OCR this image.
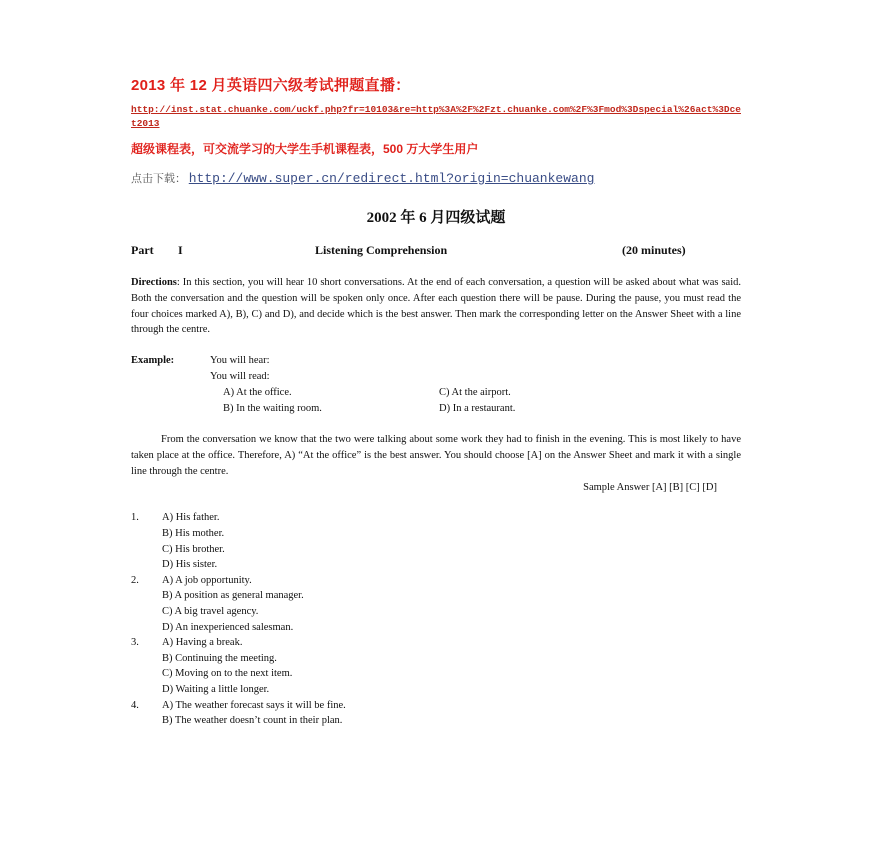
2013 年 12 月英语四六级考试押题直播：
http://inst.stat.chuanke.com/uckf.php?fr=10103&re=http%3A%2F%2Fzt.chuanke.com%2F%3Fmod%3Dspecial%26act%3Dcet2013
超级课程表，可交流学习的大学生手机课程表，500 万大学生用户
点击下载： http://www.super.cn/redirect.html?origin=chuankewang
2002 年 6 月四级试题
Part I	Listening Comprehension	(20 minutes)
Directions: In this section, you will hear 10 short conversations. At the end of each conversation, a question will be asked about what was said. Both the conversation and the question will be spoken only once. After each question there will be pause. During the pause, you must read the four choices marked A), B), C) and D), and decide which is the best answer. Then mark the corresponding letter on the Answer Sheet with a line through the centre.
Example:	You will hear:
You will read:
A) At the office.	C) At the airport.
B) In the waiting room.	D) In a restaurant.
From the conversation we know that the two were talking about some work they had to finish in the evening. This is most likely to have taken place at the office. Therefore, A) “At the office” is the best answer. You should choose [A] on the Answer Sheet and mark it with a single line through the centre.
Sample Answer [A] [B] [C] [D]
1. A) His father.
B) His mother.
C) His brother.
D) His sister.
2. A) A job opportunity.
B) A position as general manager.
C) A big travel agency.
D) An inexperienced salesman.
3. A) Having a break.
B) Continuing the meeting.
C) Moving on to the next item.
D) Waiting a little longer.
4. A) The weather forecast says it will be fine.
B) The weather doesn’t count in their plan.
